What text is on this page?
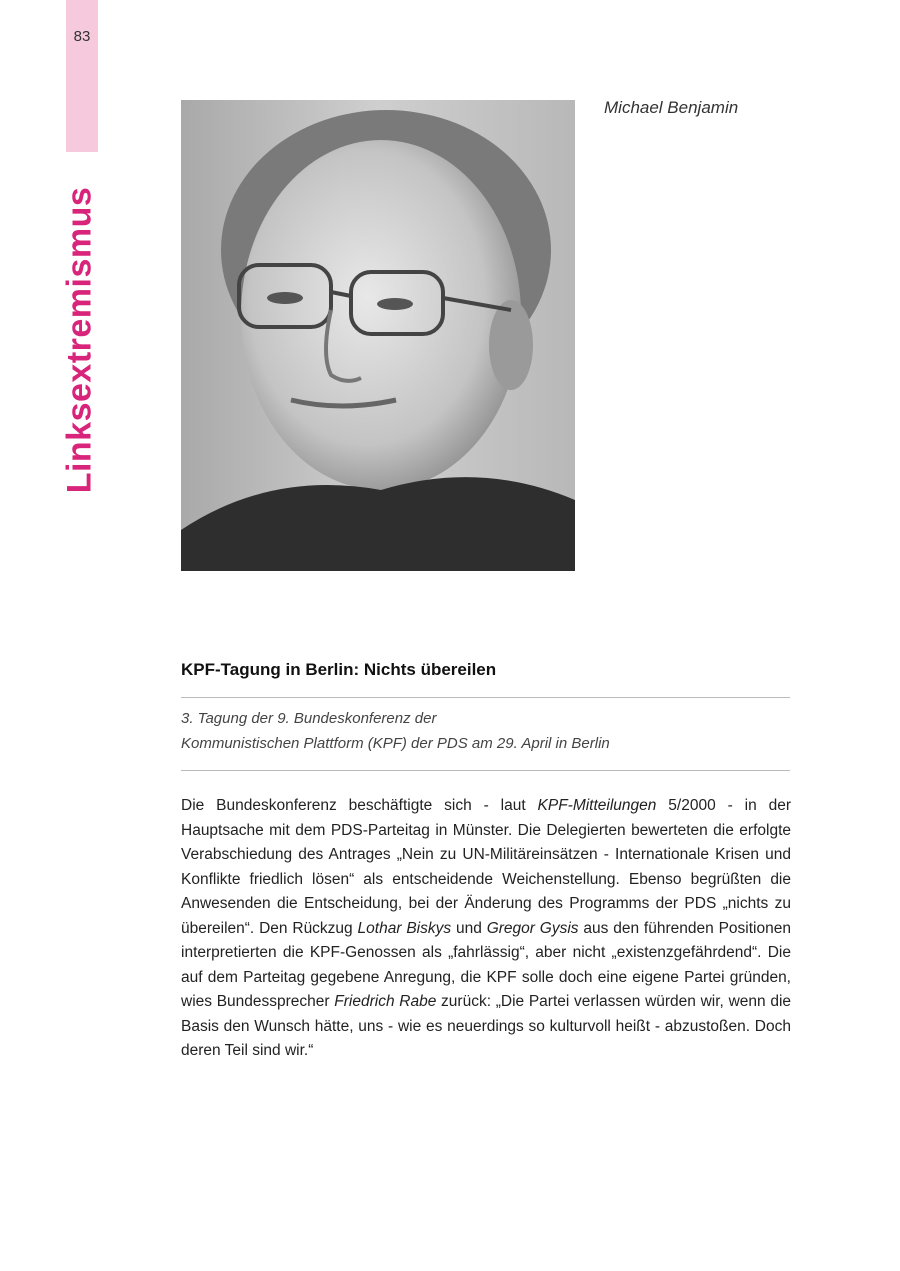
83
Linksextremismus
Michael Benjamin
KPF-Tagung in Berlin: Nichts übereilen
3. Tagung der 9. Bundeskonferenz der
Kommunistischen Plattform (KPF) der PDS am 29. April in Berlin
Die Bundeskonferenz beschäftigte sich - laut KPF-Mitteilungen 5/2000 - in der Hauptsache mit dem PDS-Parteitag in Münster. Die Delegierten bewerteten die erfolgte Verabschiedung des Antrages „Nein zu UN-Militäreinsätzen - Internationale Krisen und Konflikte friedlich lösen“ als entscheidende Weichenstellung. Ebenso begrüßten die Anwesenden die Entscheidung, bei der Änderung des Programms der PDS „nichts zu übereilen“. Den Rückzug Lothar Biskys und Gregor Gysis aus den führenden Positionen interpretierten die KPF-Genossen als „fahrlässig“, aber nicht „existenzgefährdend“. Die auf dem Parteitag gegebene Anregung, die KPF solle doch eine eigene Partei gründen, wies Bundessprecher Friedrich Rabe zurück: „Die Partei verlassen würden wir, wenn die Basis den Wunsch hätte, uns - wie es neuerdings so kulturvoll heißt - abzustoßen. Doch deren Teil sind wir.“
